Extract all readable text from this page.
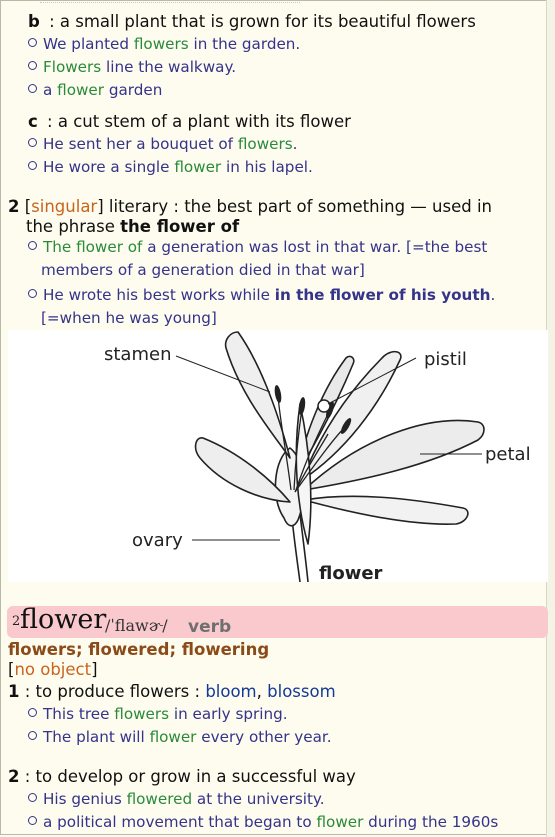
b : a small plant that is grown for its beautiful flowers
We planted flowers in the garden.
Flowers line the walkway.
a flower garden
c : a cut stem of a plant with its flower
He sent her a bouquet of flowers.
He wore a single flower in his lapel.
2 [singular] literary : the best part of something — used in
the phrase the flower of
The flower of a generation was lost in that war. [=the best
members of a generation died in that war]
He wrote his best works while in the flower of his youth.
[=when he was young]
stamen	pistil
petal
ovary
flower
2 flower
/ˈflawɚ/ verb
flowers; flowered; flowering
[no object]
1 : to produce flowers : bloom, blossom
This tree flowers in early spring.
The plant will flower every other year.
2 : to develop or grow in a successful way
His genius flowered at the university.
a political movement that began to flower during the 1960s
